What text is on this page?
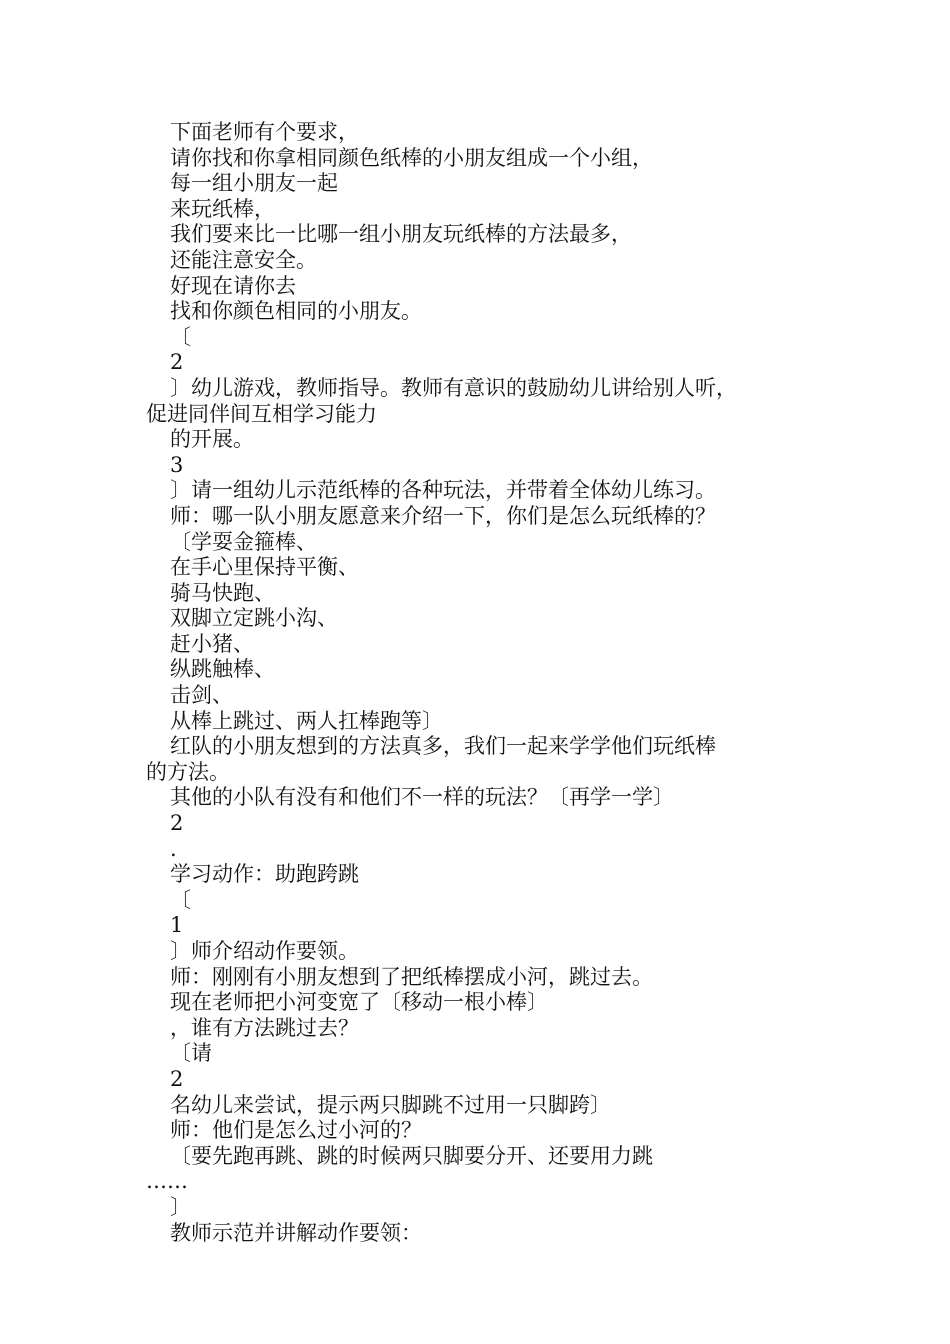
下面老师有个要求，
请你找和你拿相同颜色纸棒的小朋友组成一个小组，
每一组小朋友一起
来玩纸棒，
我们要来比一比哪一组小朋友玩纸棒的方法最多，
还能注意安全。
好现在请你去
找和你颜色相同的小朋友。
〔
2
〕幼儿游戏，教师指导。教师有意识的鼓励幼儿讲给别人听，
促进同伴间互相学习能力
的开展。
3
〕请一组幼儿示范纸棒的各种玩法，并带着全体幼儿练习。
师：哪一队小朋友愿意来介绍一下，你们是怎么玩纸棒的？
〔学耍金箍棒、
在手心里保持平衡、
骑马快跑、
双脚立定跳小沟、
赶小猪、
纵跳触棒、
击剑、
从棒上跳过、两人扛棒跑等〕
红队的小朋友想到的方法真多，我们一起来学学他们玩纸棒
的方法。
其他的小队有没有和他们不一样的玩法？〔再学一学〕
2
.
学习动作：助跑跨跳
〔
1
〕师介绍动作要领。
师：刚刚有小朋友想到了把纸棒摆成小河，跳过去。
现在老师把小河变宽了〔移动一根小棒〕
，谁有方法跳过去？
〔请
2
名幼儿来尝试，提示两只脚跳不过用一只脚跨〕
师：他们是怎么过小河的？
〔要先跑再跳、跳的时候两只脚要分开、还要用力跳
……
〕
教师示范并讲解动作要领：
